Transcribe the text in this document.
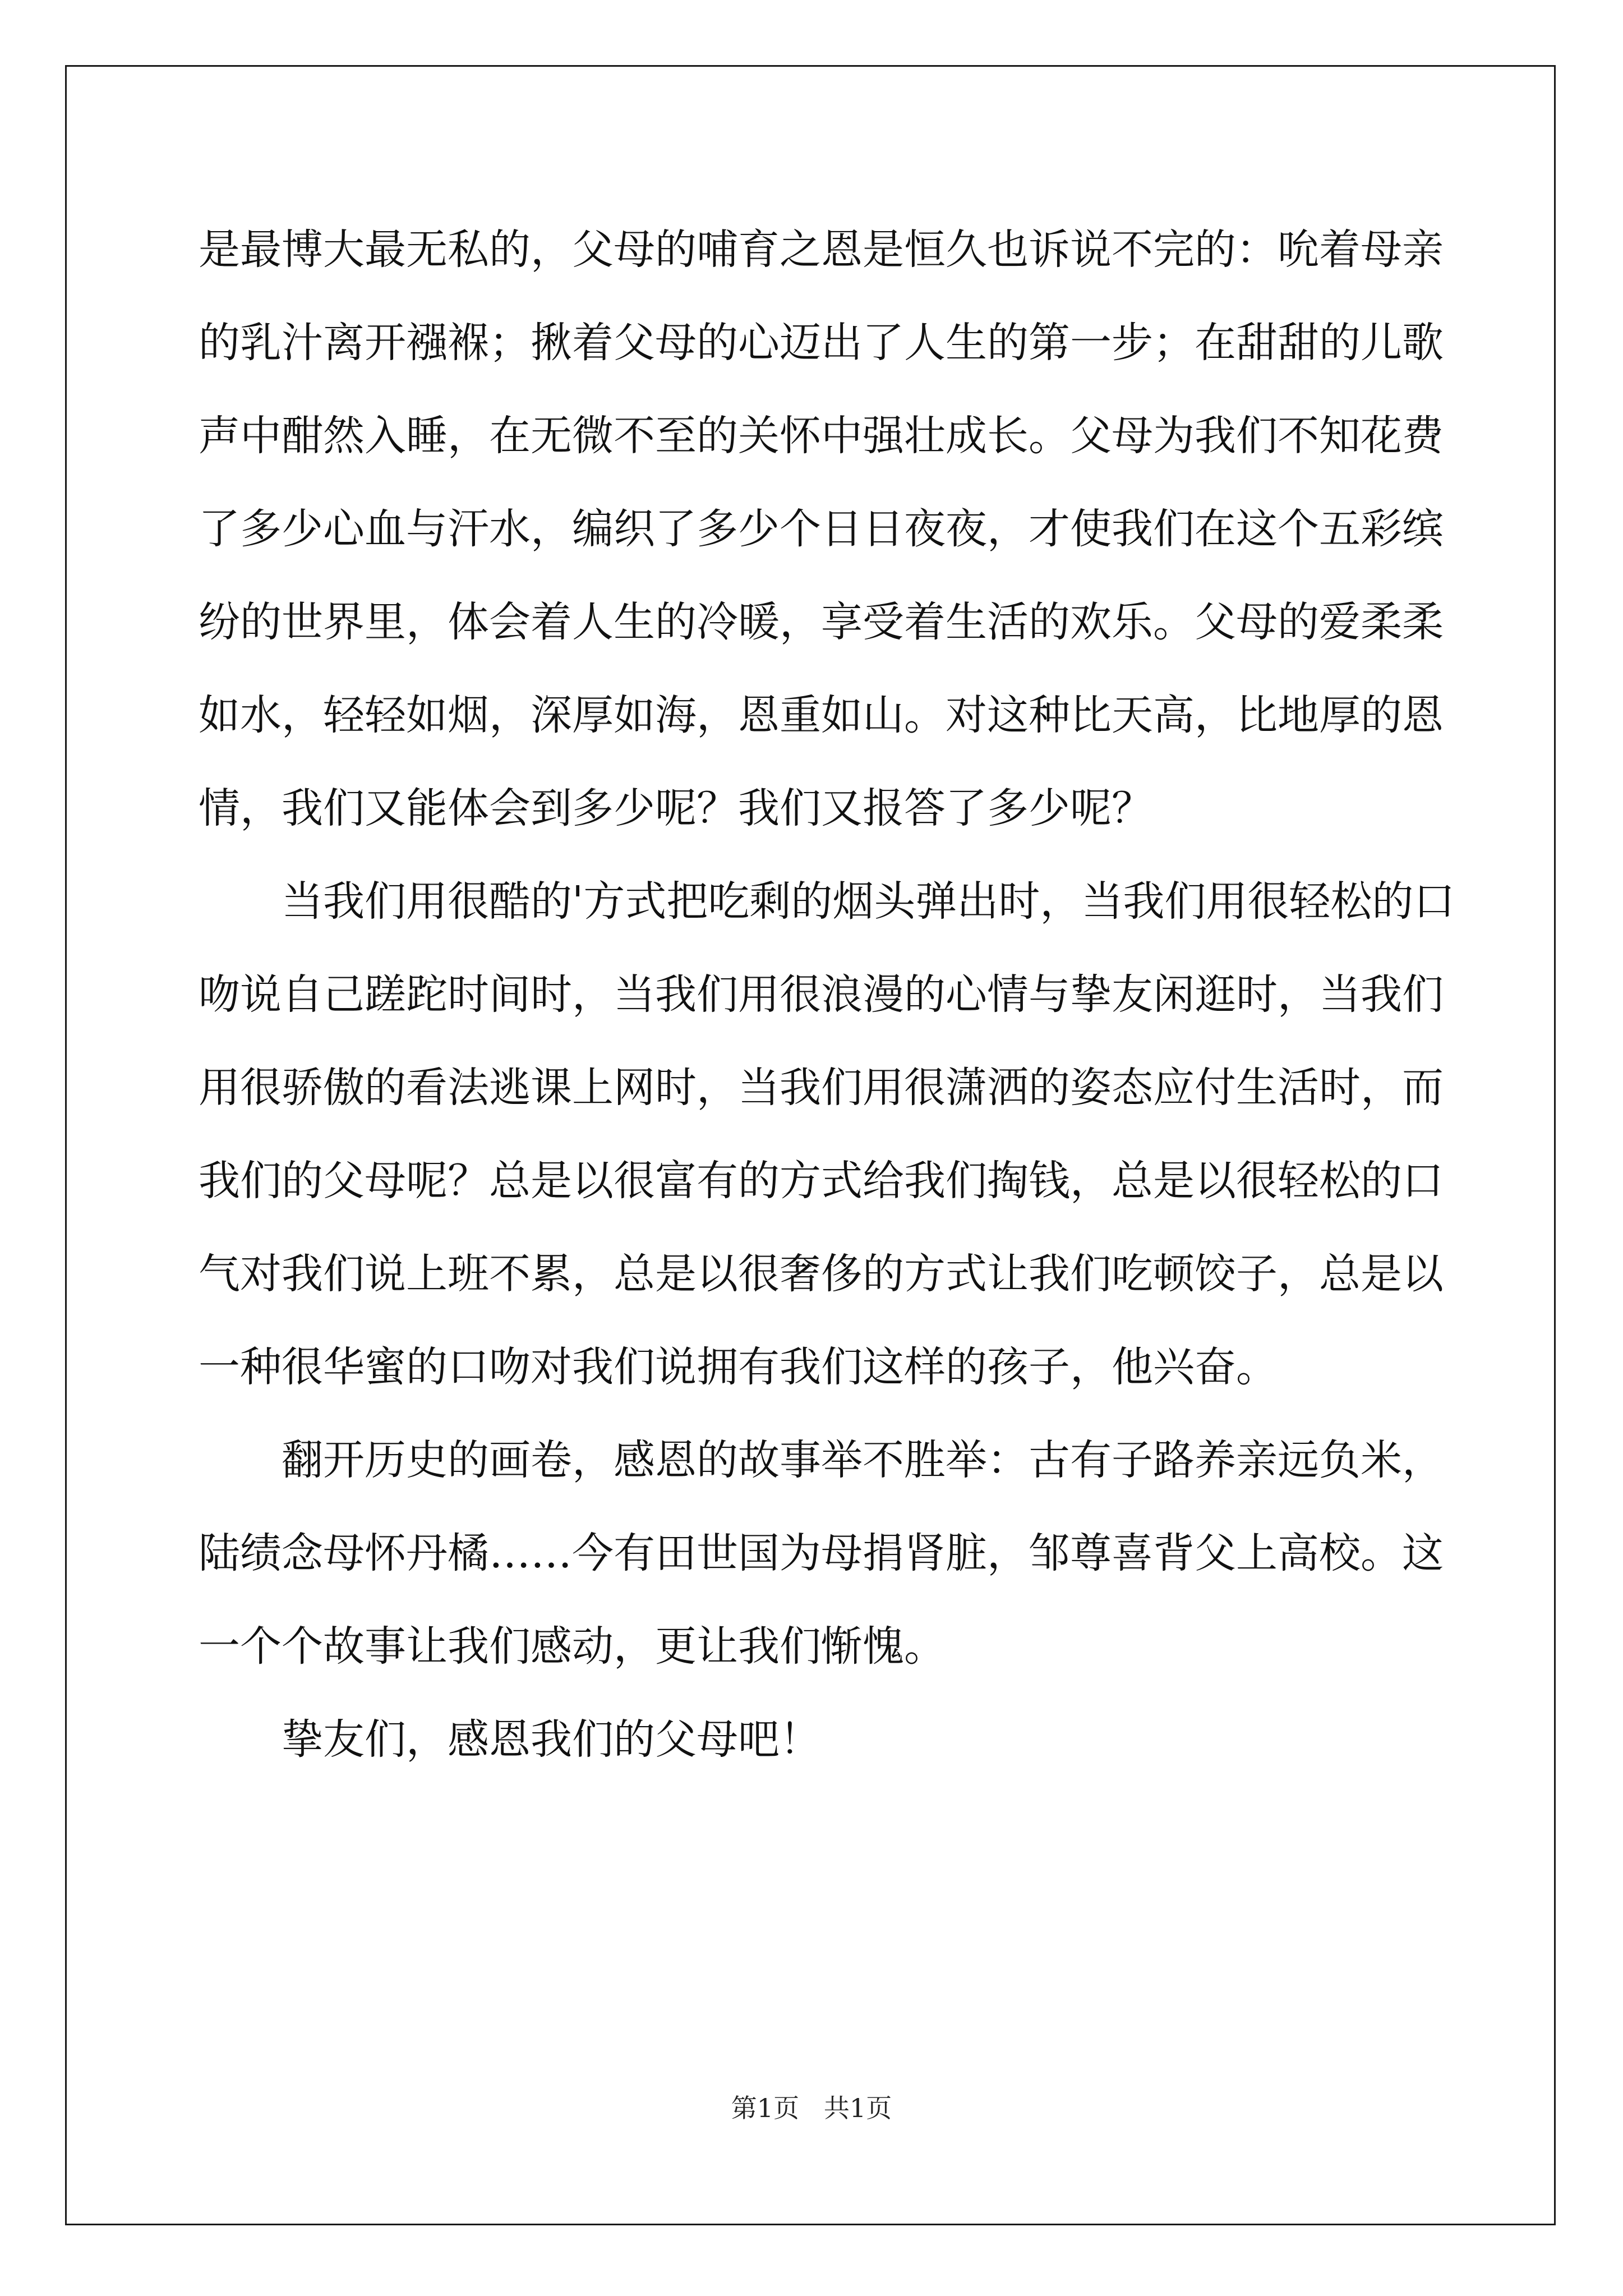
是最博大最无私的，父母的哺育之恩是恒久也诉说不完的：吮着母亲
的乳汁离开襁褓；揪着父母的心迈出了人生的第一步；在甜甜的儿歌
声中酣然入睡，在无微不至的关怀中强壮成长。父母为我们不知花费
了多少心血与汗水，编织了多少个日日夜夜，才使我们在这个五彩缤
纷的世界里，体会着人生的冷暖，享受着生活的欢乐。父母的爱柔柔
如水，轻轻如烟，深厚如海，恩重如山。对这种比天高，比地厚的恩
情，我们又能体会到多少呢？我们又报答了多少呢？
当我们用很酷的'方式把吃剩的烟头弹出时，当我们用很轻松的口
吻说自己蹉跎时间时，当我们用很浪漫的心情与挚友闲逛时，当我们
用很骄傲的看法逃课上网时，当我们用很潇洒的姿态应付生活时，而
我们的父母呢？总是以很富有的方式给我们掏钱，总是以很轻松的口
气对我们说上班不累，总是以很奢侈的方式让我们吃顿饺子，总是以
一种很华蜜的口吻对我们说拥有我们这样的孩子，他兴奋。
翻开历史的画卷，感恩的故事举不胜举：古有子路养亲远负米，
陆绩念母怀丹橘……今有田世国为母捐肾脏，邹尊喜背父上高校。这
一个个故事让我们感动，更让我们惭愧。
挚友们，感恩我们的父母吧！
第1页   共1页
